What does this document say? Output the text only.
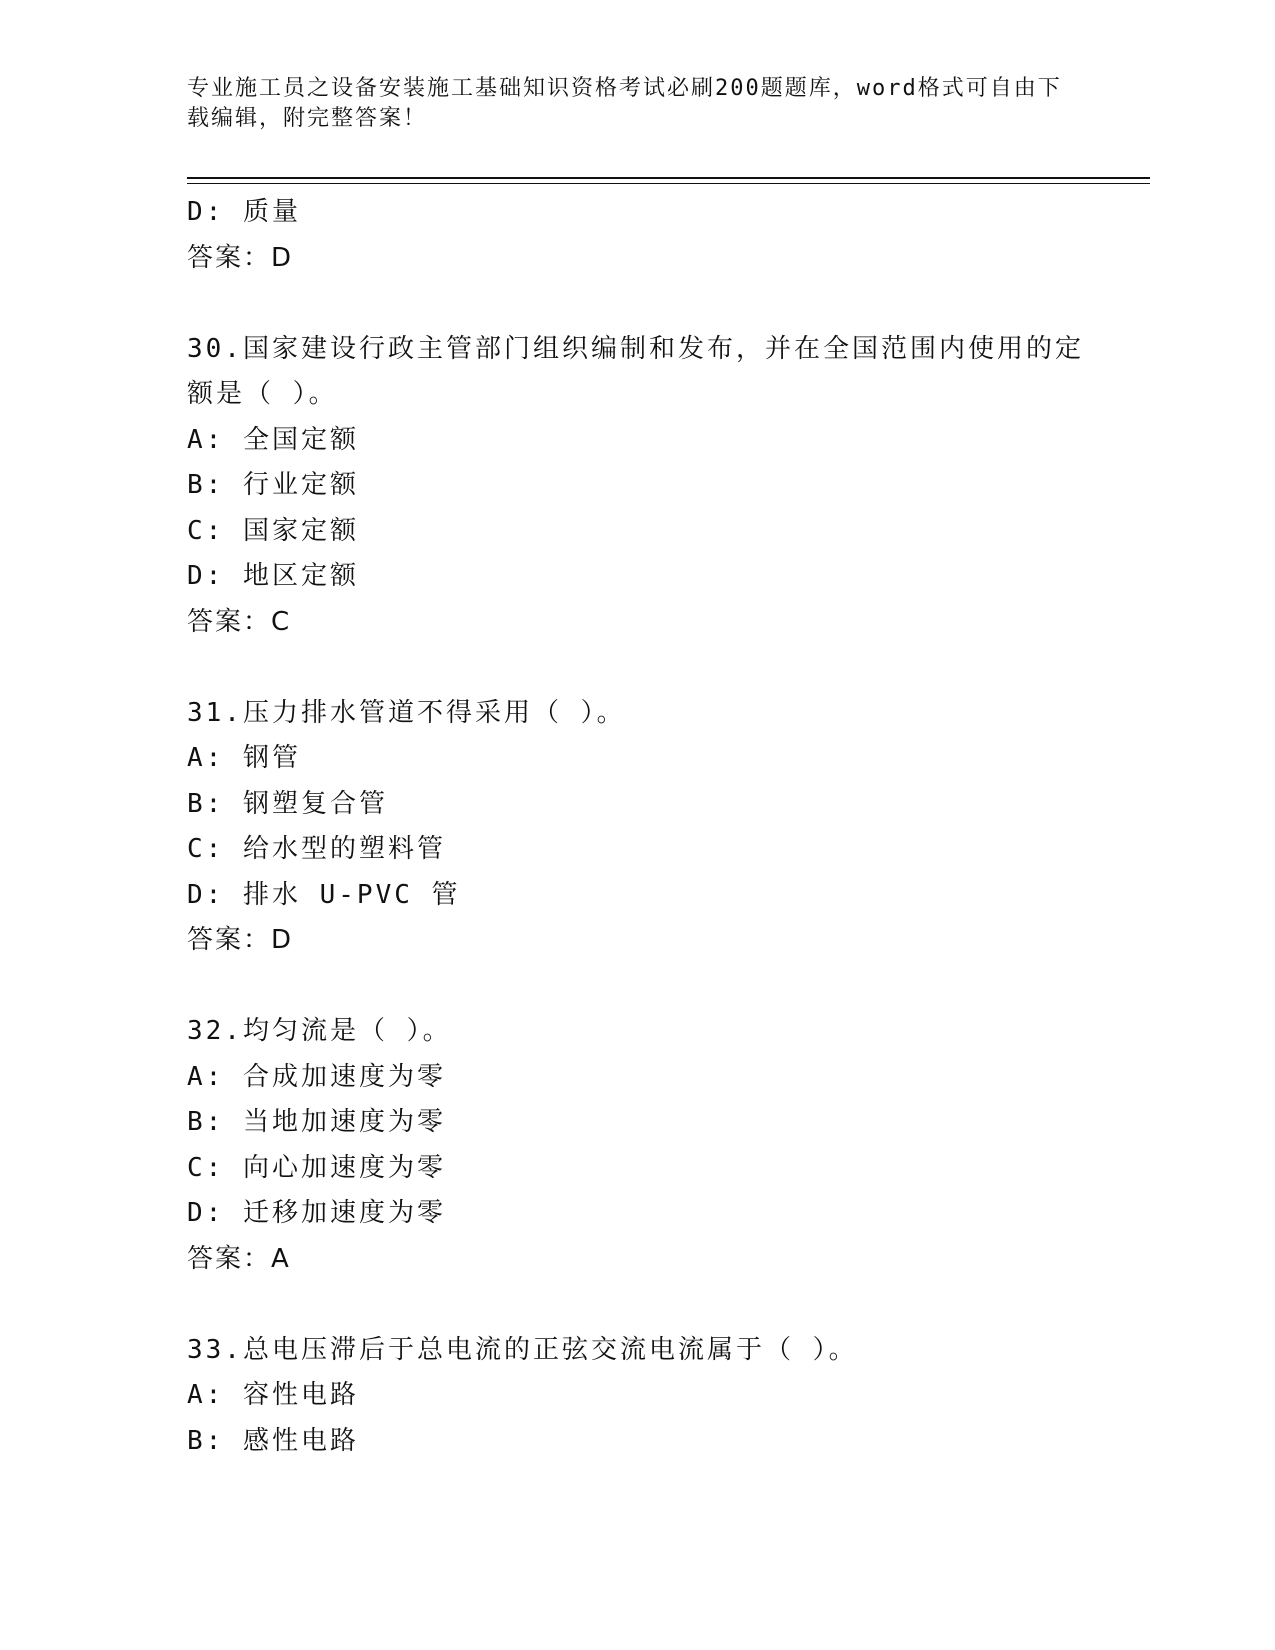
专业施工员之设备安装施工基础知识资格考试必刷200题题库，word格式可自由下载编辑，附完整答案！
D: 质量
答案：D
30.国家建设行政主管部门组织编制和发布，并在全国范围内使用的定
额是（ ）。
A: 全国定额
B: 行业定额
C: 国家定额
D: 地区定额
答案：C
31.压力排水管道不得采用（ ）。
A: 钢管
B: 钢塑复合管
C: 给水型的塑料管
D: 排水 U-PVC 管
答案：D
32.均匀流是（ ）。
A: 合成加速度为零
B: 当地加速度为零
C: 向心加速度为零
D: 迁移加速度为零
答案：A
33.总电压滞后于总电流的正弦交流电流属于（ ）。
A: 容性电路
B: 感性电路
